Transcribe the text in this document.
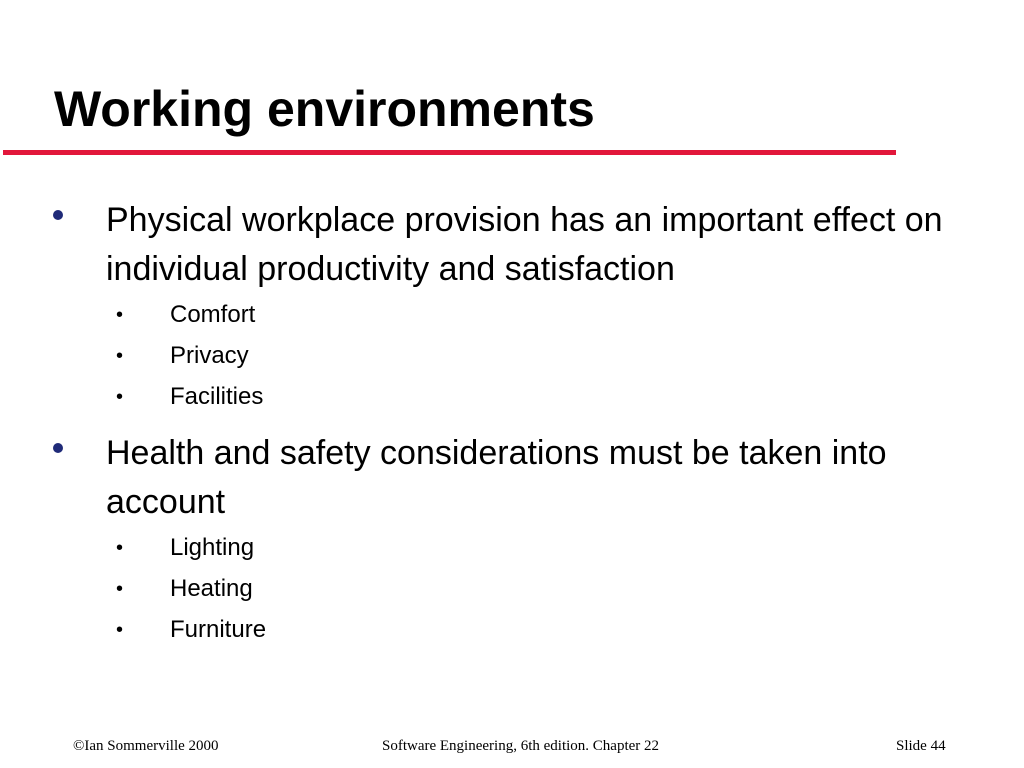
Working environments
Physical workplace provision has an important effect on individual productivity and satisfaction
• Comfort
• Privacy
• Facilities
Health and safety considerations must be taken into account
• Lighting
• Heating
• Furniture
©Ian Sommerville 2000	Software Engineering, 6th edition. Chapter 22	Slide 44
